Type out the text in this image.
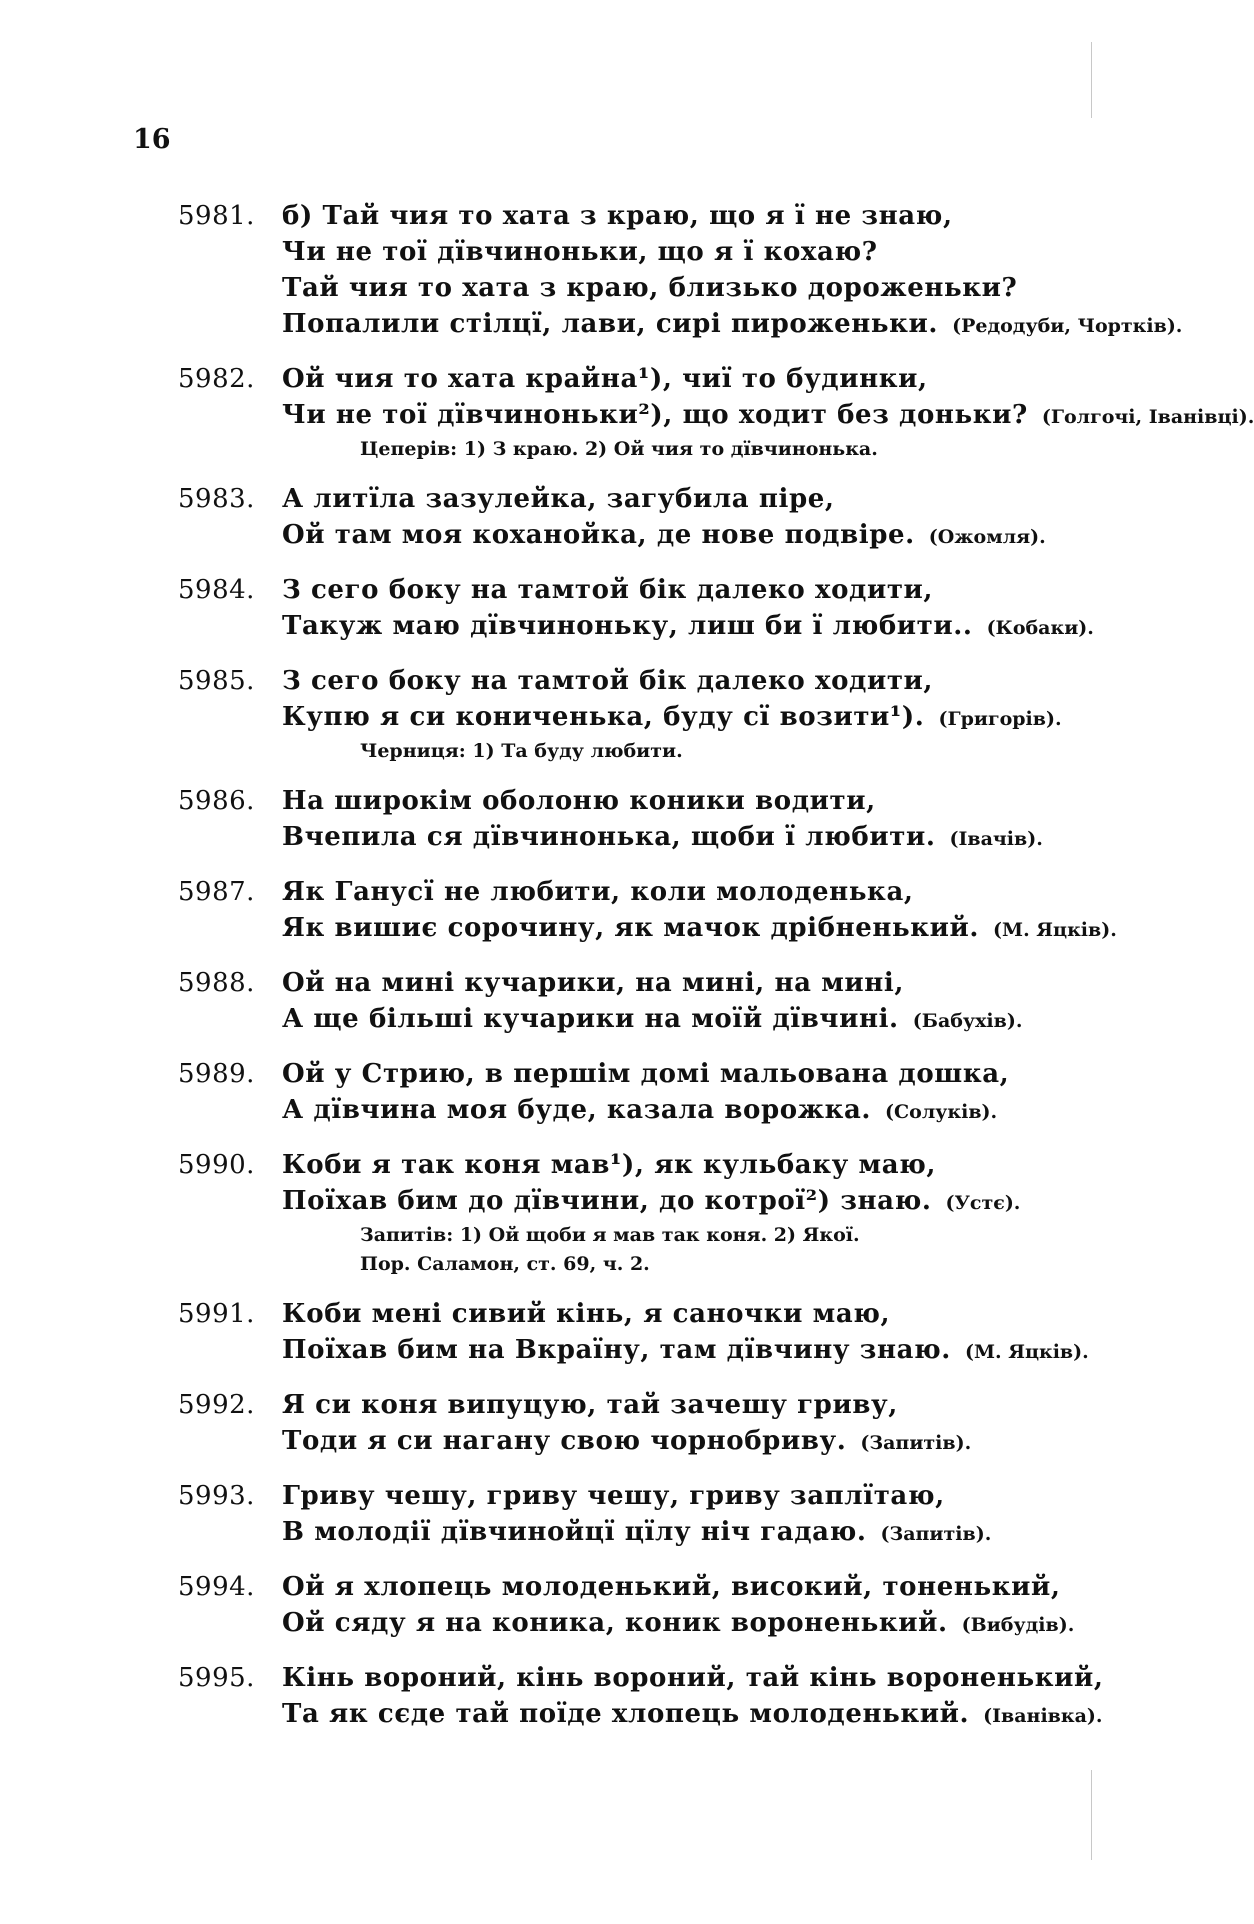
16
5981. б) Тай чия то хата з краю, що я ї не знаю,
Чи не тої дївчиноньки, що я ї кохаю?
Тай чия то хата з краю, близько дороженьки?
Попалили стілцї, лави, сирі пироженьки. (Редодуби, Чортків).
5982. Ой чия то хата крайна¹), чиї то будинки,
Чи не тої дївчиноньки²), що ходит без доньки? (Голгочі, Іванівці).
Цеперів: 1) З краю. 2) Ой чия то дївчинонька.
5983. А литїла зазулейка, загубила піре,
Ой там моя коханойка, де нове подвіре. (Ожомля).
5984. З сего боку на тамтой бік далеко ходити,
Такуж маю дївчиноньку, лиш би ї любити.. (Кобаки).
5985. З сего боку на тамтой бік далеко ходити,
Купю я си кониченька, буду сї возити¹). (Григорів).
Черниця: 1) Та буду любити.
5986. На широкім оболоню коники водити,
Вчепила ся дївчинонька, щоби ї любити. (Івачів).
5987. Як Ганусї не любити, коли молоденька,
Як вишиє сорочину, як мачок дрібненький. (М. Яцків).
5988. Ой на мині кучарики, на мині, на мині,
А ще більші кучарики на моїй дївчині. (Бабухів).
5989. Ой у Стрию, в першім домі мальована дошка,
А дївчина моя буде, казала ворожка. (Солуків).
5990. Коби я так коня мав¹), як кульбаку маю,
Поїхав бим до дївчини, до котрої²) знаю. (Устє).
Запитів: 1) Ой щоби я мав так коня. 2) Якої.
Пор. Саламон, ст. 69, ч. 2.
5991. Коби мені сивий кінь, я саночки маю,
Поїхав бим на Вкраїну, там дївчину знаю. (М. Яцків).
5992. Я си коня випуцую, тай зачешу гриву,
Тоди я си нагану свою чорнобриву. (Запитів).
5993. Гриву чешу, гриву чешу, гриву заплїтаю,
В молодії дївчинойцї цїлу ніч гадаю. (Запитів).
5994. Ой я хлопець молоденький, високий, тоненький,
Ой сяду я на коника, коник вороненький. (Вибудів).
5995. Кінь вороний, кінь вороний, тай кінь вороненький,
Та як сєде тай поїде хлопець молоденький. (Іванівка).
